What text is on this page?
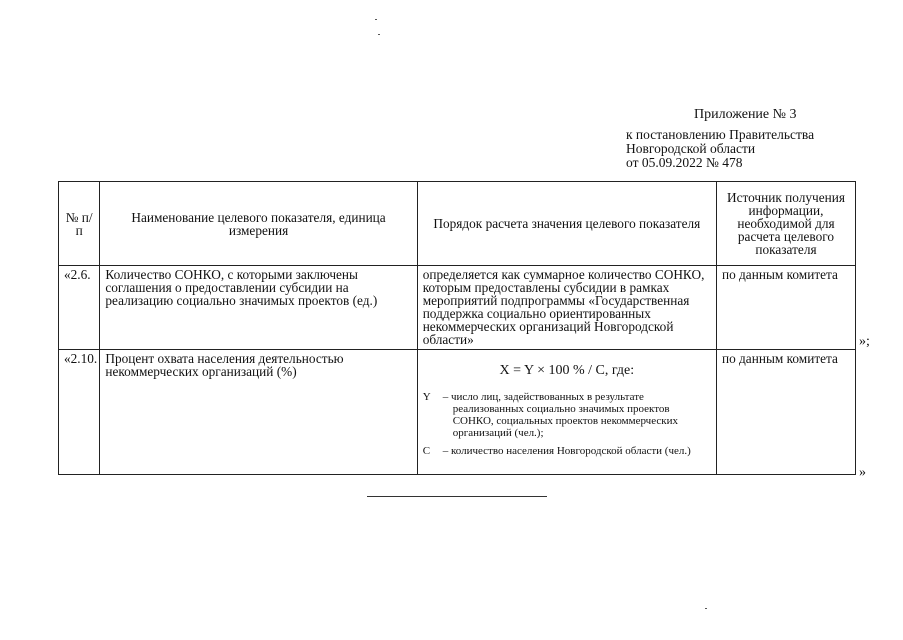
Приложение № 3
к постановлению Правительства
Новгородской области
от 05.09.2022 № 478
№ п/п	Наименование целевого показателя, единица измерения	Порядок расчета значения целевого показателя	Источник получения информации, необходимой для расчета целевого показателя
«2.6.	Количество СОНКО, с которыми заключены соглашения о предоставлении субсидии на реализацию социально значимых проектов (ед.)	определяется как суммарное количество СОНКО, которым предоставлены субсидии в рамках мероприятий подпрограммы «Государственная поддержка социально ориентированных некоммерческих организаций Новгородской области»	по данным комитета
«2.10.	Процент охвата населения деятельностью некоммерческих организаций (%)	X = Y × 100 % / C, где:
Y – число лиц, задействованных в результате реализованных социально значимых проектов СОНКО, социальных проектов некоммерческих организаций (чел.);
C – количество населения Новгородской области (чел.)	по данным комитета
»;
»
